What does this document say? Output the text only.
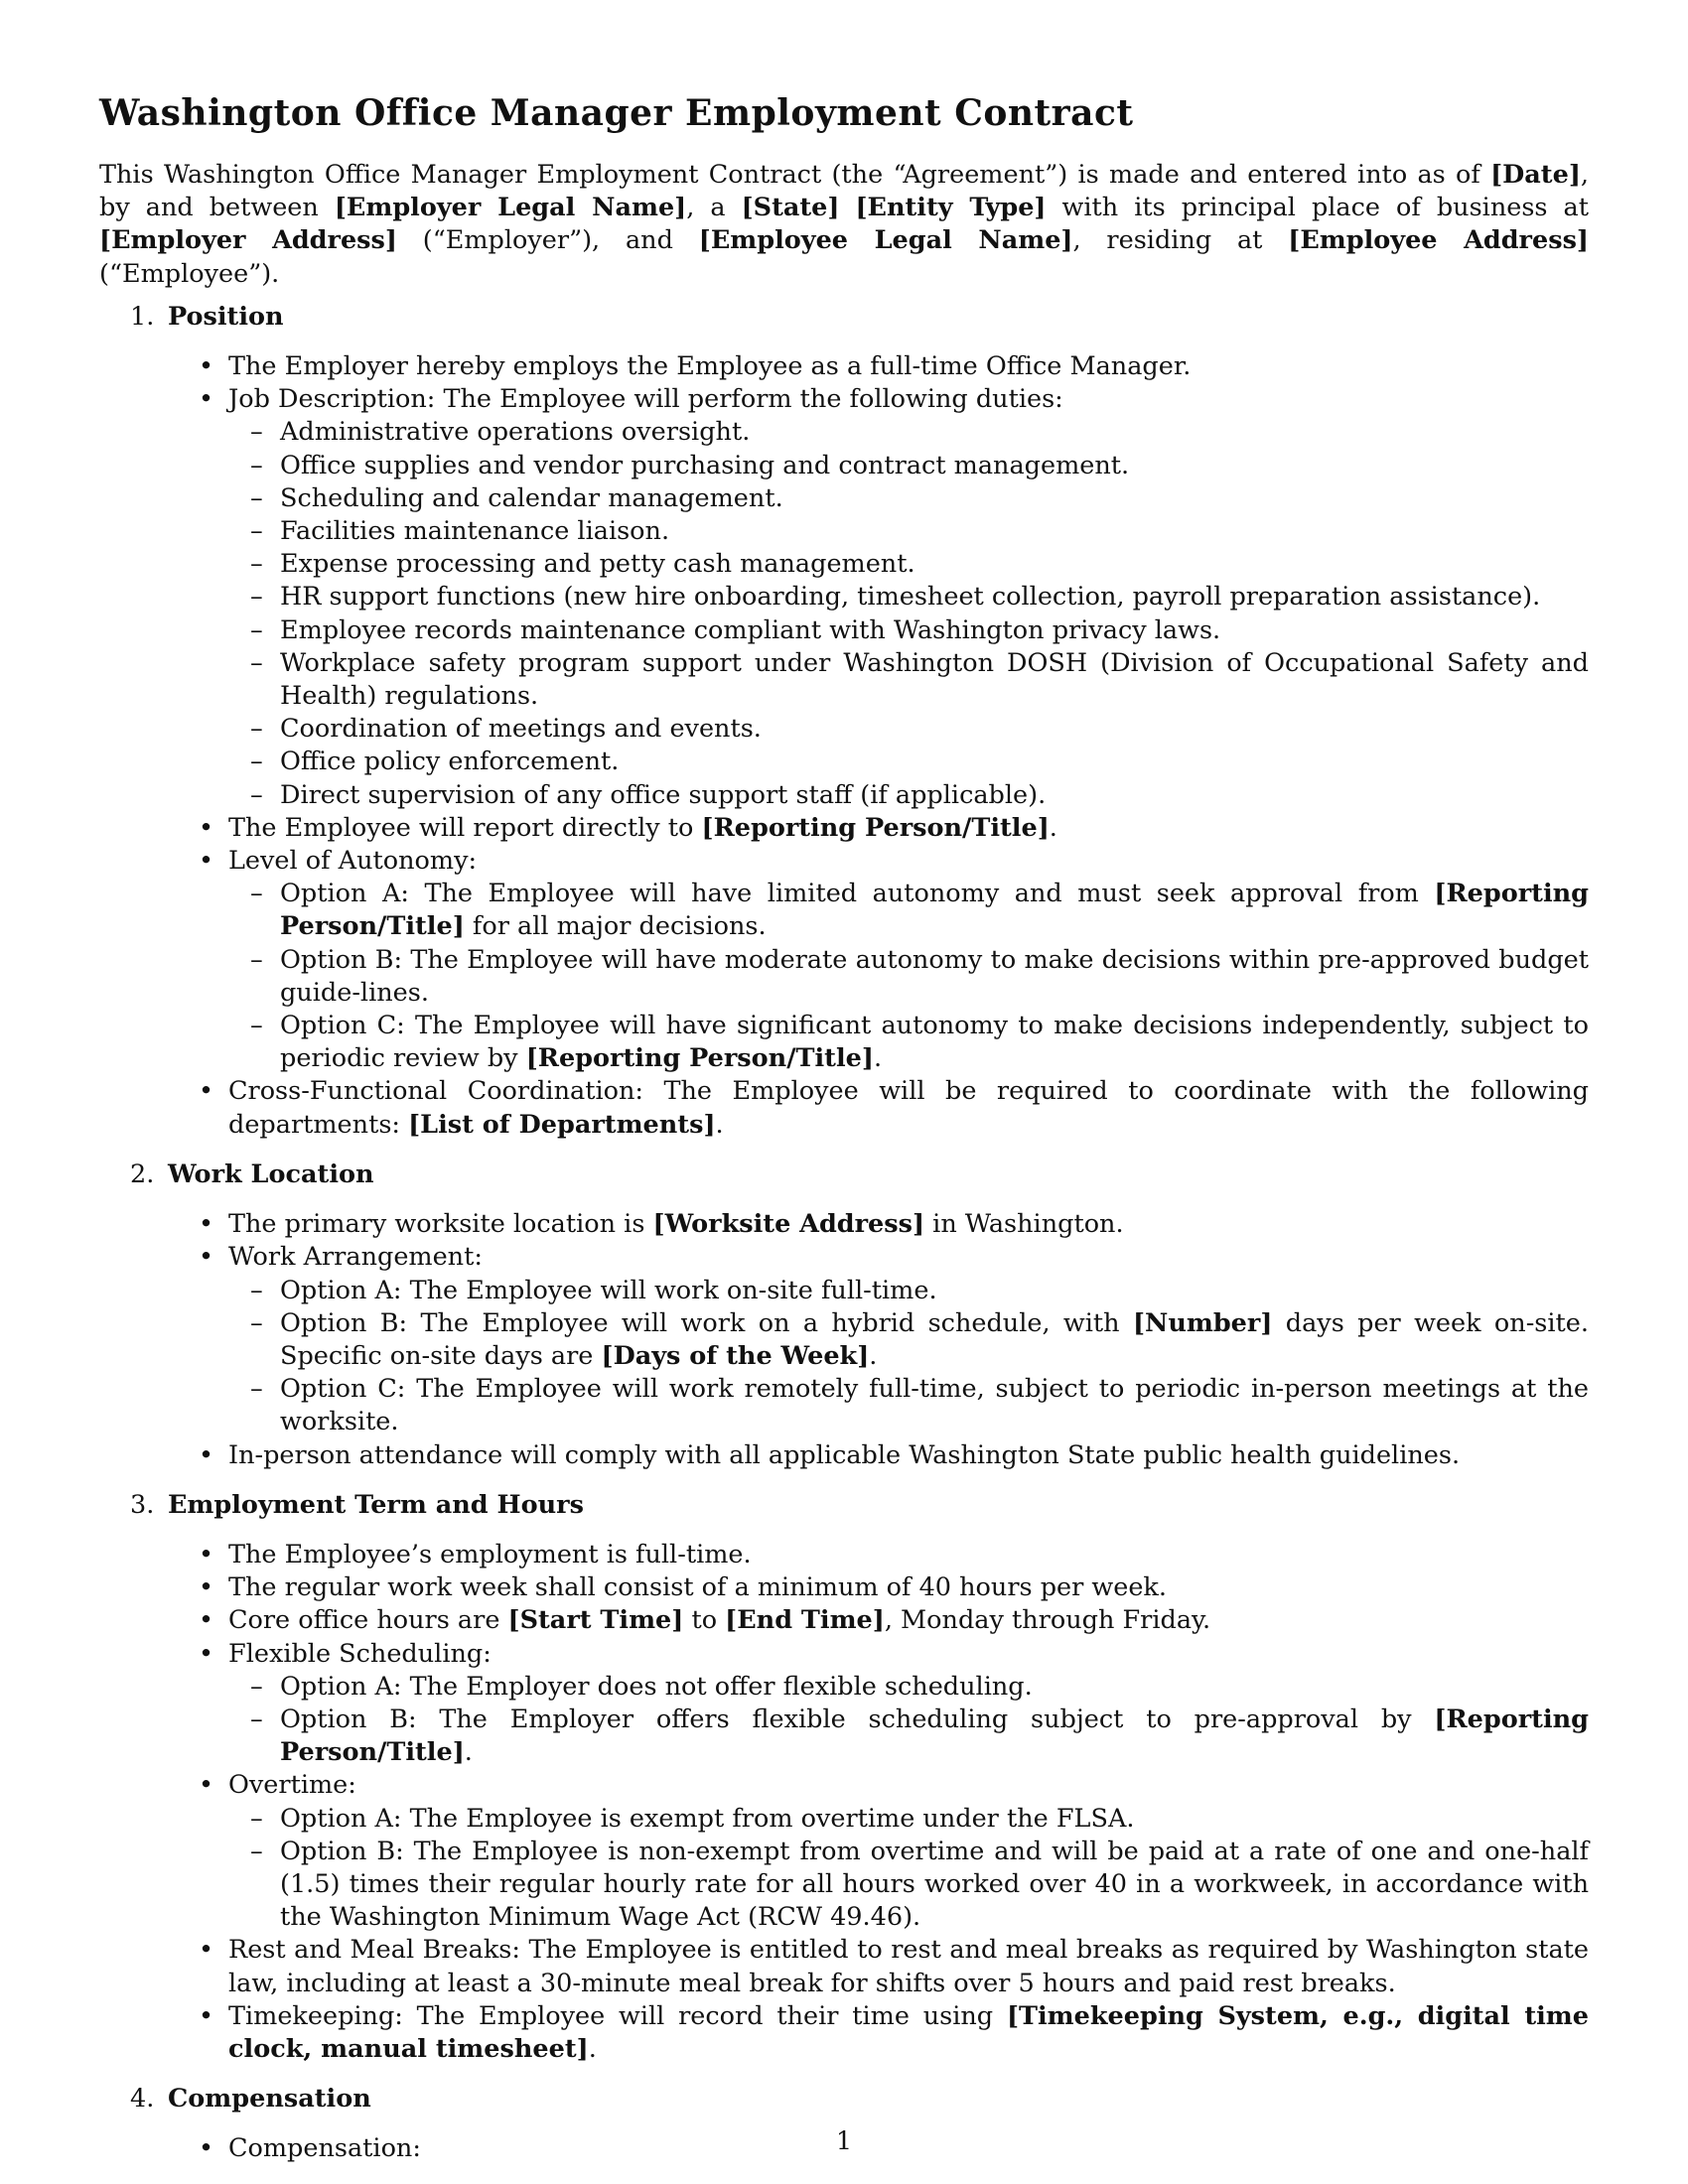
Washington Office Manager Employment Contract

This Washington Office Manager Employment Contract (the “Agreement”) is made and entered into as of [Date], by and between [Employer Legal Name], a [State] [Entity Type] with its principal place of business at [Employer Address] (“Employer”), and [Employee Legal Name], residing at [Employee Address] (“Employee”).

1. Position
• The Employer hereby employs the Employee as a full-time Office Manager.
• Job Description: The Employee will perform the following duties:
– Administrative operations oversight.
– Office supplies and vendor purchasing and contract management.
– Scheduling and calendar management.
– Facilities maintenance liaison.
– Expense processing and petty cash management.
– HR support functions (new hire onboarding, timesheet collection, payroll preparation assistance).
– Employee records maintenance compliant with Washington privacy laws.
– Workplace safety program support under Washington DOSH (Division of Occupational Safety and Health) regulations.
– Coordination of meetings and events.
– Office policy enforcement.
– Direct supervision of any office support staff (if applicable).
• The Employee will report directly to [Reporting Person/Title].
• Level of Autonomy:
– Option A: The Employee will have limited autonomy and must seek approval from [Reporting Person/Title] for all major decisions.
– Option B: The Employee will have moderate autonomy to make decisions within pre-approved budget guide-lines.
– Option C: The Employee will have significant autonomy to make decisions independently, subject to periodic review by [Reporting Person/Title].
• Cross-Functional Coordination: The Employee will be required to coordinate with the following departments: [List of Departments].
2. Work Location
• The primary worksite location is [Worksite Address] in Washington.
• Work Arrangement:
– Option A: The Employee will work on-site full-time.
– Option B: The Employee will work on a hybrid schedule, with [Number] days per week on-site. Specific on-site days are [Days of the Week].
– Option C: The Employee will work remotely full-time, subject to periodic in-person meetings at the worksite.
• In-person attendance will comply with all applicable Washington State public health guidelines.
3. Employment Term and Hours
• The Employee’s employment is full-time.
• The regular work week shall consist of a minimum of 40 hours per week.
• Core office hours are [Start Time] to [End Time], Monday through Friday.
• Flexible Scheduling:
– Option A: The Employer does not offer flexible scheduling.
– Option B: The Employer offers flexible scheduling subject to pre-approval by [Reporting Person/Title].
• Overtime:
– Option A: The Employee is exempt from overtime under the FLSA.
– Option B: The Employee is non-exempt from overtime and will be paid at a rate of one and one-half (1.5) times their regular hourly rate for all hours worked over 40 in a workweek, in accordance with the Washington Minimum Wage Act (RCW 49.46).
• Rest and Meal Breaks: The Employee is entitled to rest and meal breaks as required by Washington state law, including at least a 30-minute meal break for shifts over 5 hours and paid rest breaks.
• Timekeeping: The Employee will record their time using [Timekeeping System, e.g., digital time clock, manual timesheet].
4. Compensation
• Compensation:	1
